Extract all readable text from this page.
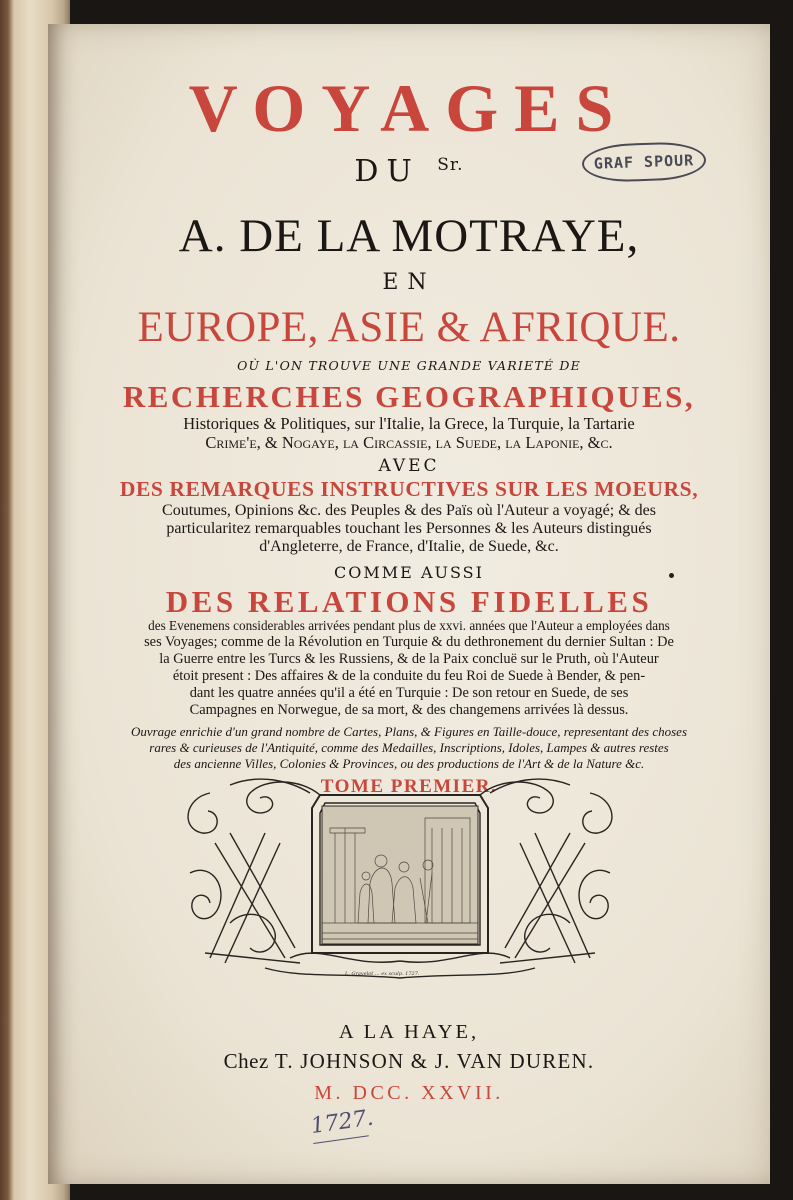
VOYAGES
DU $^{Sr.}$
A. DE LA MOTRAYE,
EN
EUROPE, ASIE & AFRIQUE.
OÙ L'ON TROUVE UNE GRANDE VARIETÉ DE
RECHERCHES GEOGRAPHIQUES,
Historiques & Politiques, sur l'Italie, la Grece, la Turquie, la Tartarie
Crime'e, & Nogaye, la Circassie, la Suede, la Laponie, &c.
AVEC
DES REMARQUES INSTRUCTIVES SUR LES MOEURS,
Coutumes, Opinions &c. des Peuples & des Païs où l'Auteur a voyagé; & des
particularitez remarquables touchant les Personnes & les Auteurs distingués
d'Angleterre, de France, d'Italie, de Suede, &c.
COMME AUSSI
DES RELATIONS FIDELLES
des Evenemens considerables arrivées pendant plus de xxvi. années que l'Auteur a employées dans
ses Voyages; comme de la Révolution en Turquie & du dethronement du dernier Sultan : De
la Guerre entre les Turcs & les Russiens, & de la Paix concluë sur le Pruth, où l'Auteur
étoit present : Des affaires & de la conduite du feu Roi de Suede à Bender, & pen-
dant les quatre années qu'il a été en Turquie : De son retour en Suede, de ses
Campagnes en Norwegue, de sa mort, & des changemens arrivées là dessus.
Ouvrage enrichie d'un grand nombre de Cartes, Plans, & Figures en Taille-douce, representant des choses
rares & curieuses de l'Antiquité, comme des Medailles, Inscriptions, Idoles, Lampes & autres restes
des ancienne Villes, Colonies & Provinces, ou des productions de l'Art & de la Nature &c.
TOME PREMIER.
A LA HAYE,
Chez T. JOHNSON & J. VAN DUREN.
M. DCC. XXVII.
GRAF SPOUR
L. Gravelot ... ex sculp. 1727.
1727.
